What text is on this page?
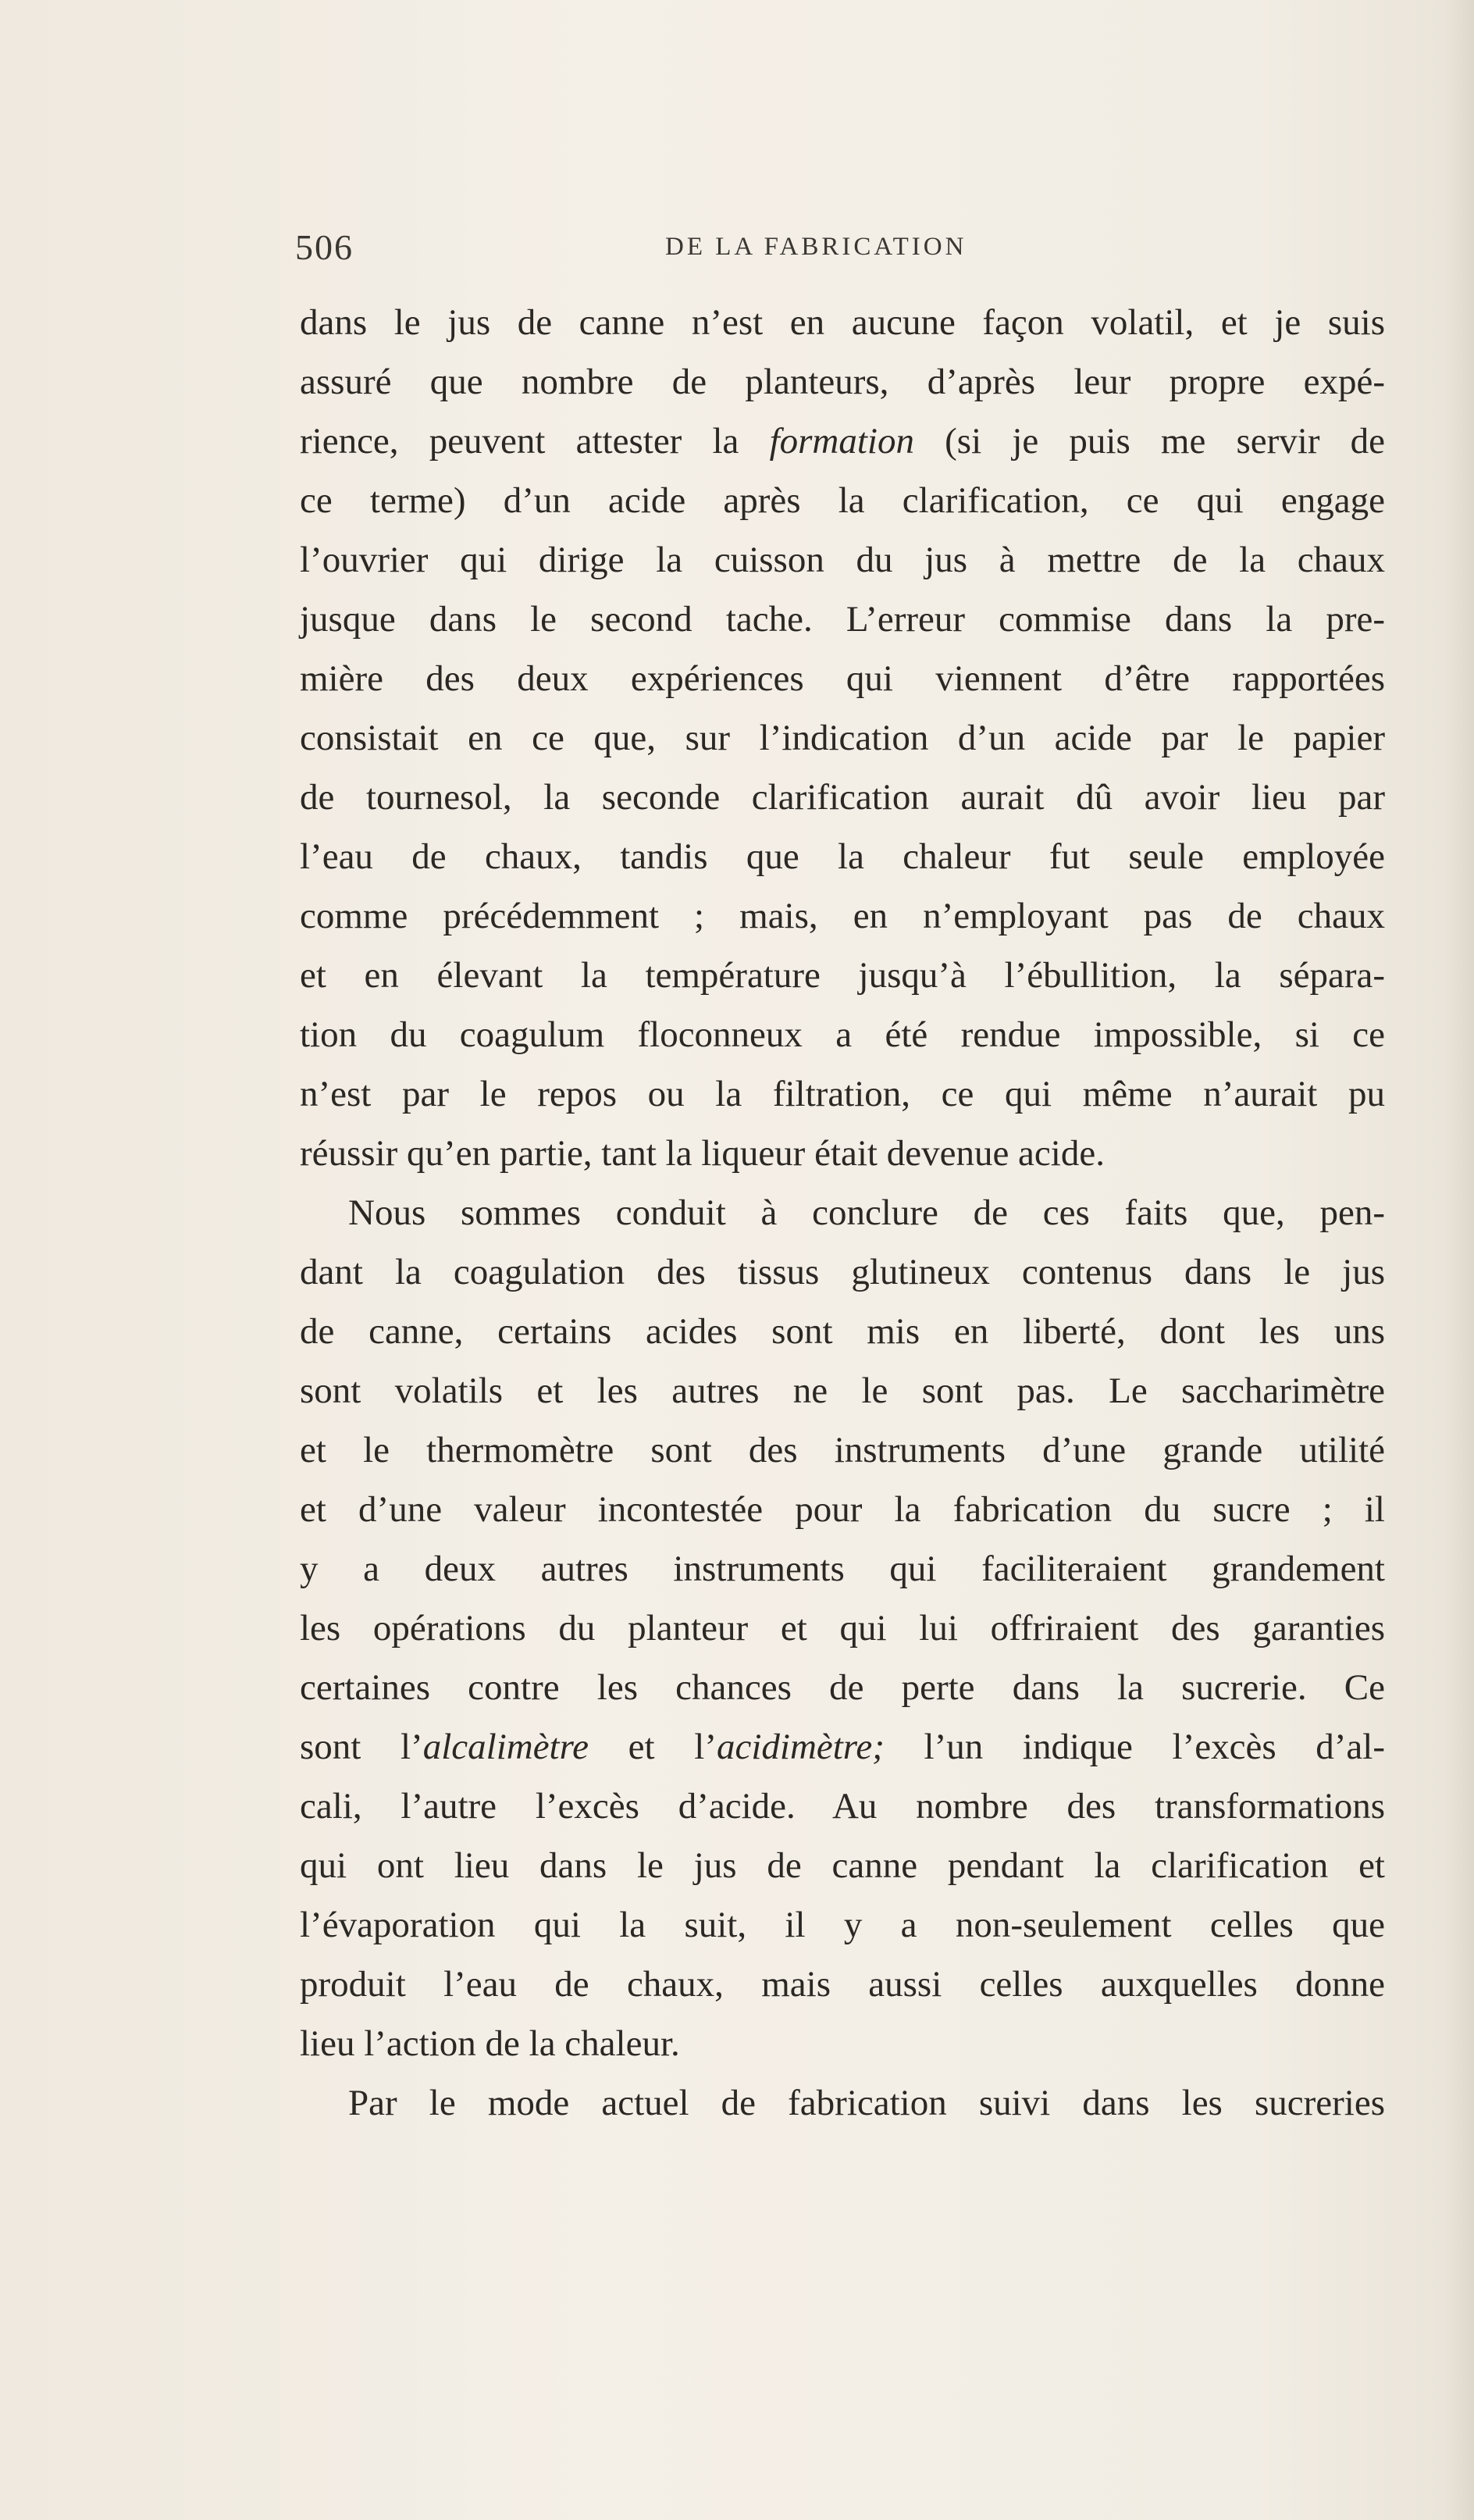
506	DE LA FABRICATION
dans le jus de canne n’est en aucune façon volatil, et je suis
assuré que nombre de planteurs, d’après leur propre expé-
rience, peuvent attester la formation (si je puis me servir de
ce terme) d’un acide après la clarification, ce qui engage
l’ouvrier qui dirige la cuisson du jus à mettre de la chaux
jusque dans le second tache. L’erreur commise dans la pre-
mière des deux expériences qui viennent d’être rapportées
consistait en ce que, sur l’indication d’un acide par le papier
de tournesol, la seconde clarification aurait dû avoir lieu par
l’eau de chaux, tandis que la chaleur fut seule employée
comme précédemment ; mais, en n’employant pas de chaux
et en élevant la température jusqu’à l’ébullition, la sépara-
tion du coagulum floconneux a été rendue impossible, si ce
n’est par le repos ou la filtration, ce qui même n’aurait pu
réussir qu’en partie, tant la liqueur était devenue acide.
Nous sommes conduit à conclure de ces faits que, pen-
dant la coagulation des tissus glutineux contenus dans le jus
de canne, certains acides sont mis en liberté, dont les uns
sont volatils et les autres ne le sont pas. Le saccharimètre
et le thermomètre sont des instruments d’une grande utilité
et d’une valeur incontestée pour la fabrication du sucre ; il
y a deux autres instruments qui faciliteraient grandement
les opérations du planteur et qui lui offriraient des garanties
certaines contre les chances de perte dans la sucrerie. Ce
sont l’alcalimètre et l’acidimètre; l’un indique l’excès d’al-
cali, l’autre l’excès d’acide. Au nombre des transformations
qui ont lieu dans le jus de canne pendant la clarification et
l’évaporation qui la suit, il y a non-seulement celles que
produit l’eau de chaux, mais aussi celles auxquelles donne
lieu l’action de la chaleur.
Par le mode actuel de fabrication suivi dans les sucreries
